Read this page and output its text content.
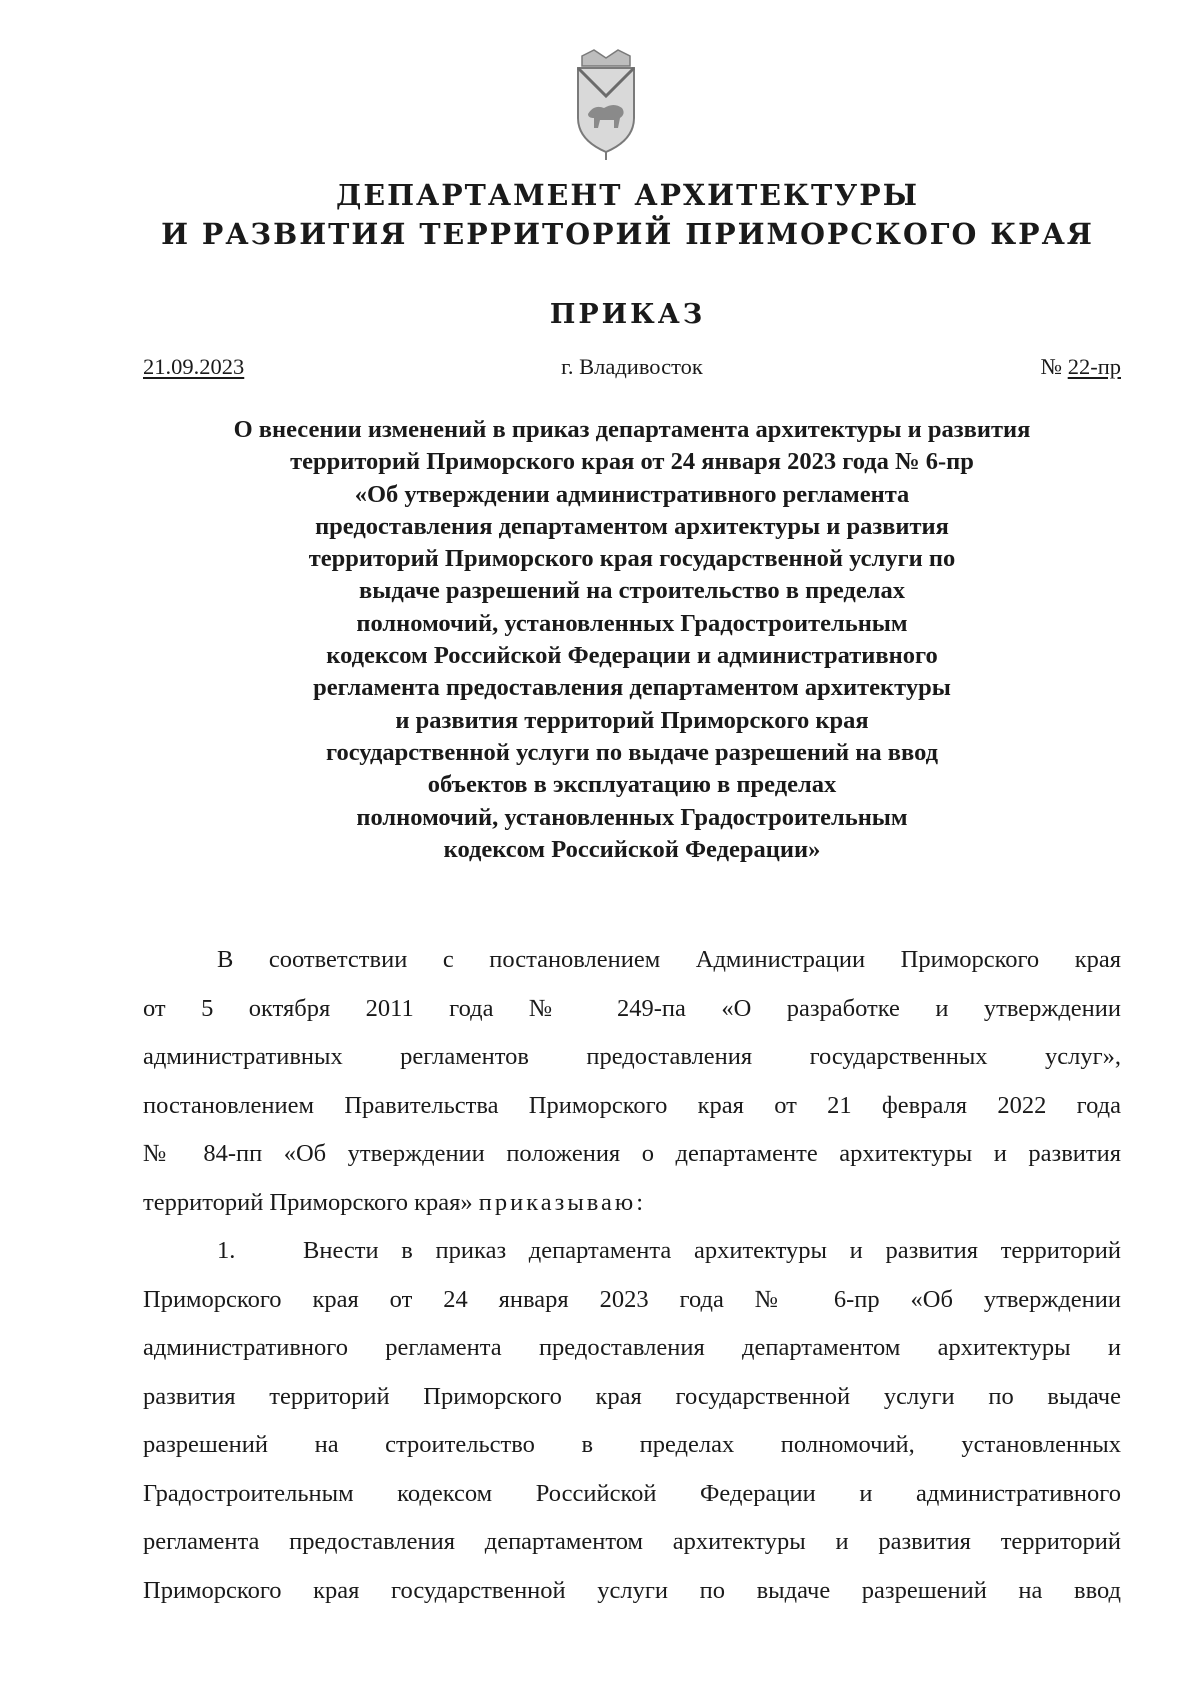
ДЕПАРТАМЕНТ АРХИТЕКТУРЫ
И РАЗВИТИЯ ТЕРРИТОРИЙ ПРИМОРСКОГО КРАЯ
ПРИКАЗ
21.09.2023	г. Владивосток	№ 22-пр
О внесении изменений в приказ департамента архитектуры и развития
территорий Приморского края от 24 января 2023 года № 6-пр
«Об утверждении административного регламента
предоставления департаментом архитектуры и развития
территорий Приморского края государственной услуги по
выдаче разрешений на строительство в пределах
полномочий, установленных Градостроительным
кодексом Российской Федерации и административного
регламента предоставления департаментом архитектуры
и развития территорий Приморского края
государственной услуги по выдаче разрешений на ввод
объектов в эксплуатацию в пределах
полномочий, установленных Градостроительным
кодексом Российской Федерации»
В соответствии с постановлением Администрации Приморского края
от 5 октября 2011 года № 249-па «О разработке и утверждении
административных регламентов предоставления государственных услуг»,
постановлением Правительства Приморского края от 21 февраля 2022 года
№ 84-пп «Об утверждении положения о департаменте архитектуры и развития
территорий Приморского края» приказываю:
1.	Внести в приказ департамента архитектуры и развития территорий
Приморского края от 24 января 2023 года № 6-пр «Об утверждении
административного регламента предоставления департаментом архитектуры и
развития территорий Приморского края государственной услуги по выдаче
разрешений на строительство в пределах полномочий, установленных
Градостроительным кодексом Российской Федерации и административного
регламента предоставления департаментом архитектуры и развития территорий
Приморского края государственной услуги по выдаче разрешений на ввод
